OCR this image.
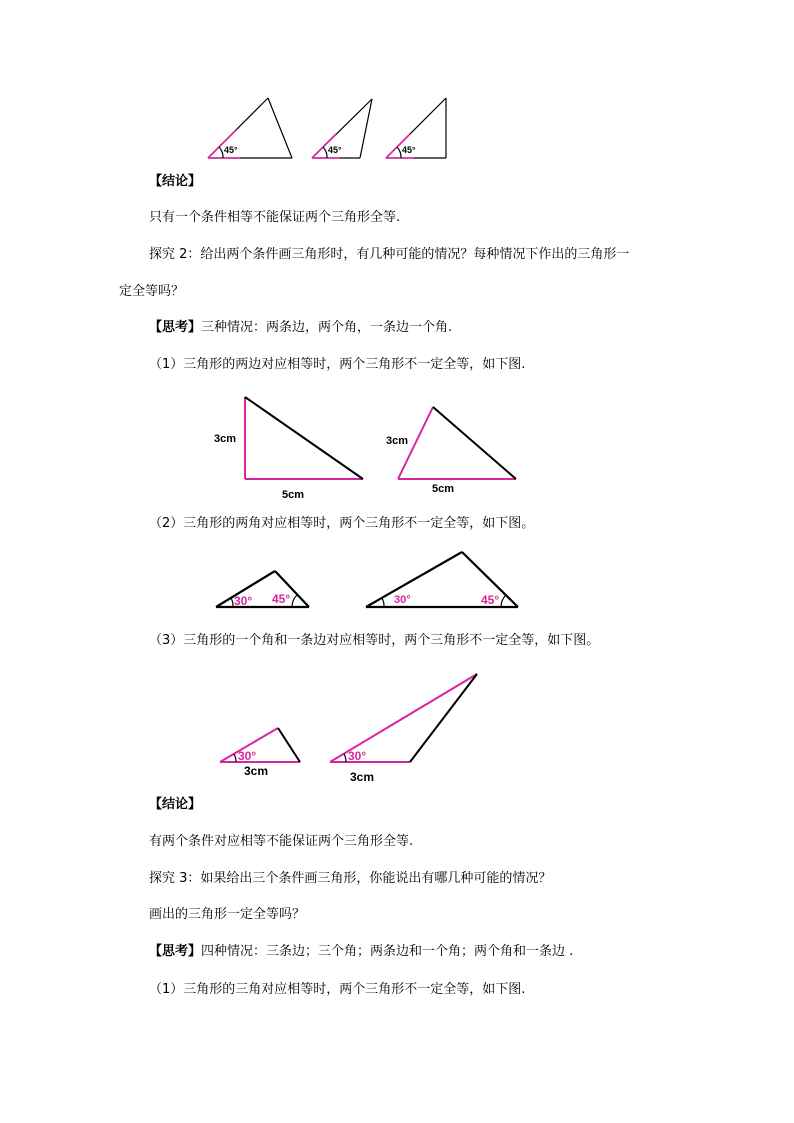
45°	45°	45°
3cm
5cm
3cm
5cm
30° 45°	30°	45°
30°
3cm
30°
3cm
【结论】
只有一个条件相等不能保证两个三角形全等.
探究 2：给出两个条件画三角形时，有几种可能的情况？每种情况下作出的三角形一
定全等吗？
【思考】三种情况：两条边，两个角，一条边一个角.
（1）三角形的两边对应相等时，两个三角形不一定全等，如下图.
（2）三角形的两角对应相等时，两个三角形不一定全等，如下图。
（3）三角形的一个角和一条边对应相等时，两个三角形不一定全等，如下图。
【结论】
有两个条件对应相等不能保证两个三角形全等.
探究 3：如果给出三个条件画三角形，你能说出有哪几种可能的情况？
画出的三角形一定全等吗？
【思考】四种情况：三条边；三个角；两条边和一个角；两个角和一条边 .
（1）三角形的三角对应相等时，两个三角形不一定全等，如下图.
